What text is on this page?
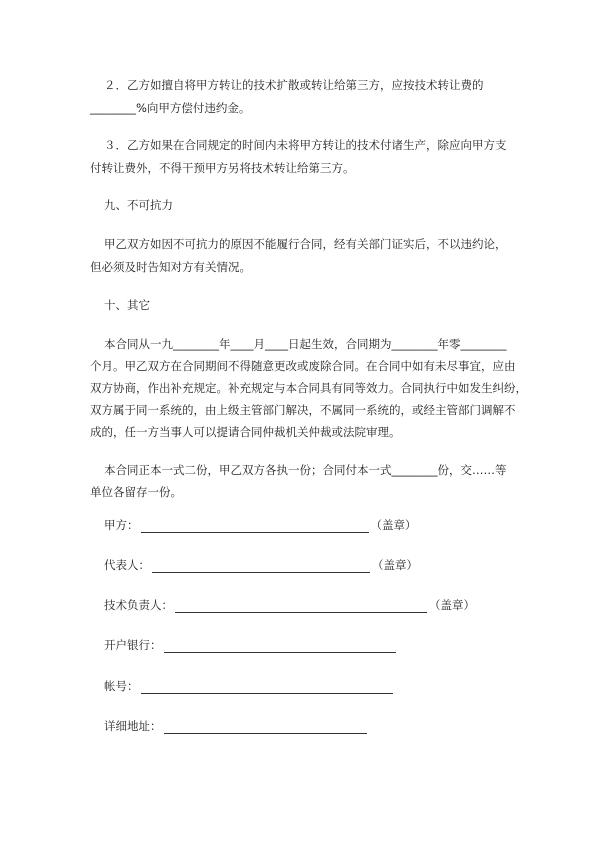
２．乙方如擅自将甲方转让的技术扩散或转让给第三方，应按技术转让费的
________%向甲方偿付违约金。
３．乙方如果在合同规定的时间内未将甲方转让的技术付诸生产，除应向甲方支
付转让费外，不得干预甲方另将技术转让给第三方。
九、不可抗力
甲乙双方如因不可抗力的原因不能履行合同，经有关部门证实后，不以违约论，
但必须及时告知对方有关情况。
十、其它
本合同从一九________年____月____日起生效，合同期为________年零________
个月。甲乙双方在合同期间不得随意更改或废除合同。在合同中如有未尽事宜，应由
双方协商，作出补充规定。补充规定与本合同具有同等效力。合同执行中如发生纠纷，
双方属于同一系统的，由上级主管部门解决，不属同一系统的，或经主管部门调解不
成的，任一方当事人可以提请合同仲裁机关仲裁或法院审理。
本合同正本一式二份，甲乙双方各执一份；合同付本一式________份，交……等
单位各留存一份。
甲方：	（盖章）
代表人：	（盖章）
技术负责人：	（盖章）
开户银行：
帐号：
详细地址：
